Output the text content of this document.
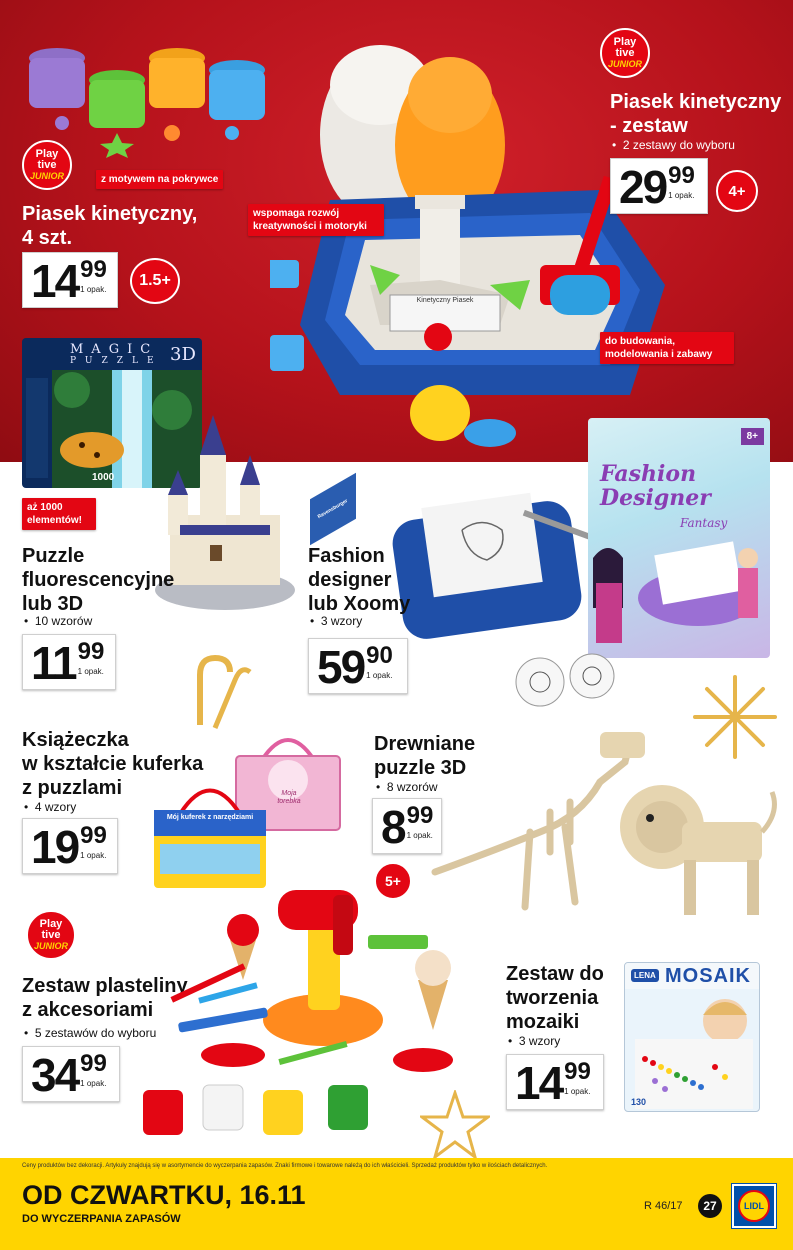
Play
tive
JUNIOR	z motywem na pokrywce
Piasek kinetyczny,
4 szt.
14 99
1 opak.
1.5+
Kinetyczny Piasek
wspomaga rozwój kreatywności i motoryki
do budowania, modelowania i zabawy
Play
tive
JUNIOR
Piasek kinetyczny
- zestaw
•  2 zestawy do wyboru
29 99
1 opak.	4+
MAGIC
PUZZLE 3D
1000
aż 1000 elementów!
Puzzle
fluorescencyjne
lub 3D
•  10 wzorów
11 99
1 opak.
Ravensburger
8+
Fashion Designer
Fantasy
Fashion
designer
lub Xoomy
•  3 wzory
59 90
1 opak.
Książeczka
w kształcie kuferka
z puzzlami
•  4 wzory
19 99
1 opak.
Moja torebka
Mój kuferek z narzędziami
Drewniane
puzzle 3D
•  8 wzorów
8 99
1 opak.
5+
Play
tive
JUNIOR
Zestaw plasteliny
z akcesoriami
•  5 zestawów do wyboru
34 99
1 opak.
Zestaw do
tworzenia
mozaiki
•  3 wzory
14 99
1 opak.
LENA MOSAIK
130
Ceny produktów bez dekoracji. Artykuły znajdują się w asortymencie do wyczerpania zapasów. Znaki firmowe i towarowe należą do ich właścicieli. Sprzedaż produktów tylko w ilościach detalicznych.
OD CZWARTKU, 16.11
DO WYCZERPANIA ZAPASÓW
R 46/17	27	LIDL
